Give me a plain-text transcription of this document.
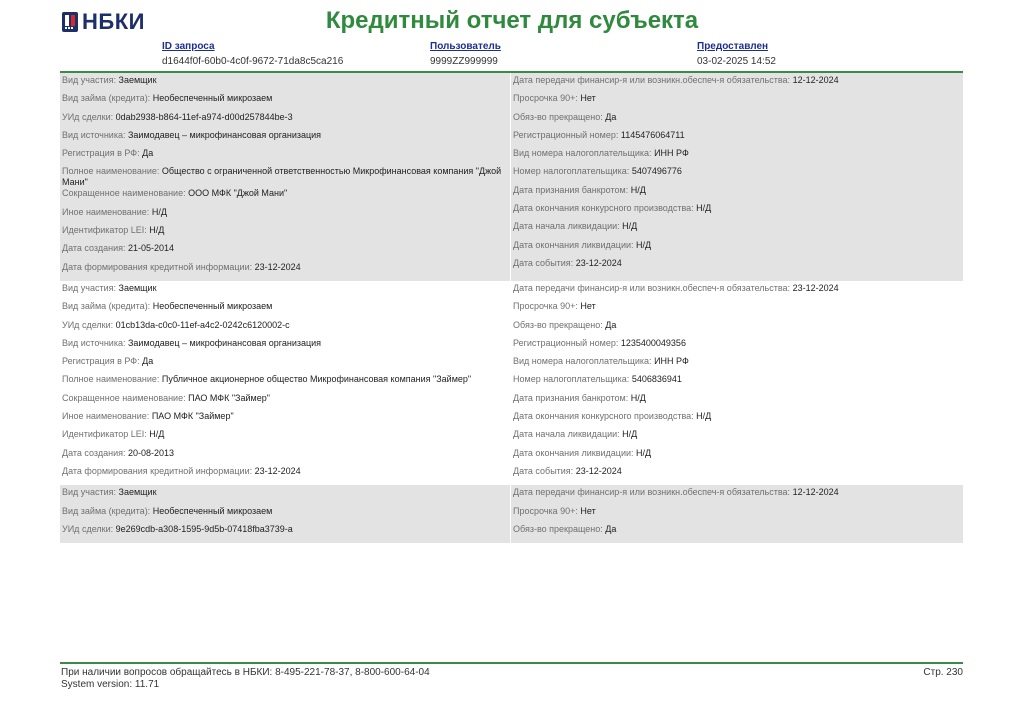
НБКИ	Кредитный отчет для субъекта
ID запроса
d1644f0f-60b0-4c0f-9672-71da8c5ca216
Пользователь
9999ZZ999999
Предоставлен
03-02-2025 14:52
Вид участия: Заемщик
Вид займа (кредита): Необеспеченный микрозаем
УИд сделки: 0dab2938-b864-11ef-a974-d00d257844be-3
Вид источника: Заимодавец – микрофинансовая организация
Регистрация в РФ: Да
Полное наименование: Общество с ограниченной ответственностью Микрофинансовая компания "Джой Мани"
Сокращенное наименование: ООО МФК "Джой Мани"
Иное наименование: Н/Д
Идентификатор LEI: Н/Д
Дата создания: 21-05-2014
Дата формирования кредитной информации: 23-12-2024
Дата передачи финансир-я или возникн.обеспеч-я обязательства: 12-12-2024
Просрочка 90+: Нет
Обяз-во прекращено: Да
Регистрационный номер: 1145476064711
Вид номера налогоплательщика: ИНН РФ
Номер налогоплательщика: 5407496776
Дата признания банкротом: Н/Д
Дата окончания конкурсного производства: Н/Д
Дата начала ликвидации: Н/Д
Дата окончания ликвидации: Н/Д
Дата события: 23-12-2024
Вид участия: Заемщик
Вид займа (кредита): Необеспеченный микрозаем
УИд сделки: 01cb13da-c0c0-11ef-a4c2-0242c6120002-c
Вид источника: Заимодавец – микрофинансовая организация
Регистрация в РФ: Да
Полное наименование: Публичное акционерное общество Микрофинансовая компания "Займер"
Сокращенное наименование: ПАО МФК "Займер"
Иное наименование: ПАО МФК "Займер"
Идентификатор LEI: Н/Д
Дата создания: 20-08-2013
Дата формирования кредитной информации: 23-12-2024
Дата передачи финансир-я или возникн.обеспеч-я обязательства: 23-12-2024
Просрочка 90+: Нет
Обяз-во прекращено: Да
Регистрационный номер: 1235400049356
Вид номера налогоплательщика: ИНН РФ
Номер налогоплательщика: 5406836941
Дата признания банкротом: Н/Д
Дата окончания конкурсного производства: Н/Д
Дата начала ликвидации: Н/Д
Дата окончания ликвидации: Н/Д
Дата события: 23-12-2024
Вид участия: Заемщик
Вид займа (кредита): Необеспеченный микрозаем
УИд сделки: 9e269cdb-a308-1595-9d5b-07418fba3739-a
Дата передачи финансир-я или возникн.обеспеч-я обязательства: 12-12-2024
Просрочка 90+: Нет
Обяз-во прекращено: Да
При наличии вопросов обращайтесь в НБКИ: 8-495-221-78-37, 8-800-600-64-04
System version: 11.71
Стр. 230
